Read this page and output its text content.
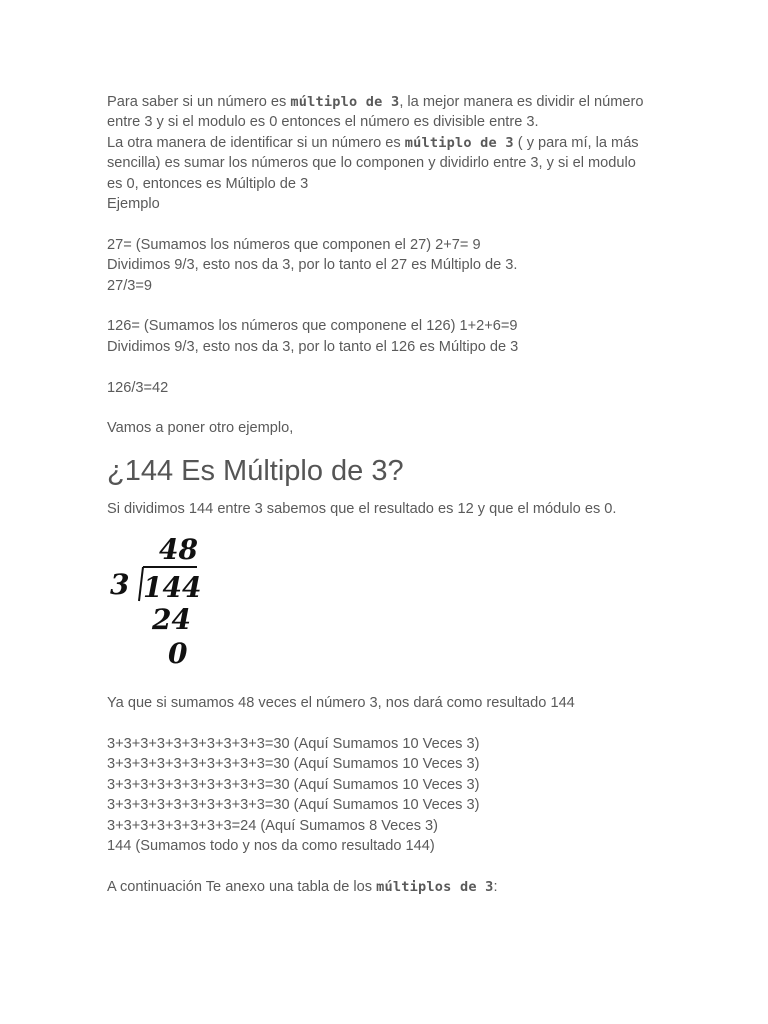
Para saber si un número es múltiplo de 3, la mejor manera es dividir el número

entre 3 y si el modulo es 0 entonces el número es divisible entre 3.

La otra manera de identificar si un número es múltiplo de 3 ( y para mí, la más

sencilla) es sumar los números que lo componen y dividirlo entre 3, y si el modulo

es 0, entonces es Múltiplo de 3

Ejemplo

27= (Sumamos los números que componen el 27) 2+7= 9

Dividimos 9/3, esto nos da 3, por lo tanto el 27 es Múltiplo de 3.

27/3=9

126= (Sumamos los números que componene el 126) 1+2+6=9

Dividimos 9/3, esto nos da 3, por lo tanto el 126 es Múltipo de 3

126/3=42

Vamos a poner otro ejemplo,

¿144 Es Múltiplo de 3?

Si dividimos 144 entre 3 sabemos que el resultado es 12 y que el módulo es 0.

48
3 144
24
0

Ya que si sumamos 48 veces el número 3, nos dará como resultado 144

3+3+3+3+3+3+3+3+3+3=30 (Aquí Sumamos 10 Veces 3)

3+3+3+3+3+3+3+3+3+3=30 (Aquí Sumamos 10 Veces 3)

3+3+3+3+3+3+3+3+3+3=30 (Aquí Sumamos 10 Veces 3)

3+3+3+3+3+3+3+3+3+3=30 (Aquí Sumamos 10 Veces 3)

3+3+3+3+3+3+3+3=24 (Aquí Sumamos 8 Veces 3)

144 (Sumamos todo y nos da como resultado 144)

A continuación Te anexo una tabla de los múltiplos de 3:
